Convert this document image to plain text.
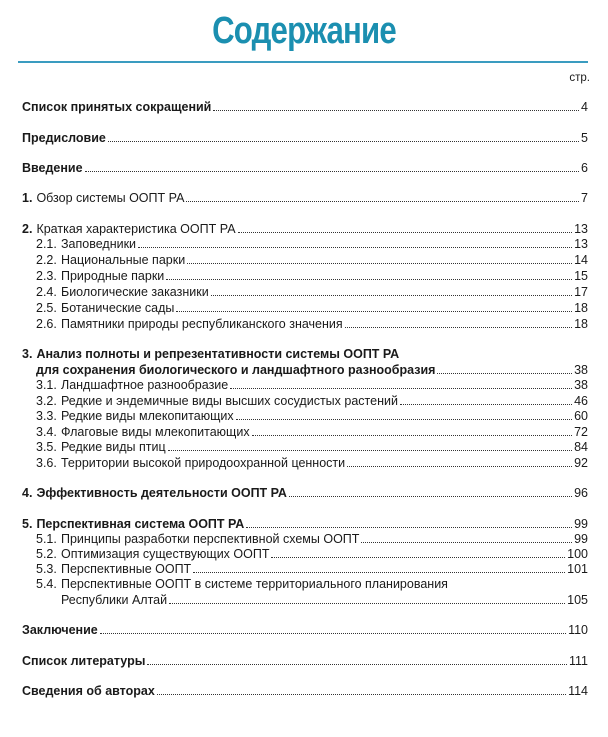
Содержание
стр.
Список принятых сокращений	4
Предисловие	5
Введение	6
1. Обзор системы ООПТ РА	7
2. Краткая характеристика ООПТ РА	13
2.1. Заповедники	13
2.2. Национальные парки	14
2.3. Природные парки	15
2.4. Биологические заказники	17
2.5. Ботанические сады	18
2.6. Памятники природы республиканского значения	18
3. Анализ полноты и репрезентативности системы ООПТ РА
для сохранения биологического и ландшафтного разнообразия	38
3.1. Ландшафтное разнообразие	38
3.2. Редкие и эндемичные виды высших сосудистых растений	46
3.3. Редкие виды млекопитающих	60
3.4. Флаговые виды млекопитающих	72
3.5. Редкие виды птиц	84
3.6. Территории высокой природоохранной ценности	92
4. Эффективность деятельности ООПТ РА	96
5. Перспективная система ООПТ РА	99
5.1. Принципы разработки перспективной схемы ООПТ	99
5.2. Оптимизация существующих ООПТ	100
5.3. Перспективные ООПТ	101
5.4. Перспективные ООПТ в системе территориального планирования
Республики Алтай	105
Заключение	110
Список литературы	111
Сведения об авторах	114
